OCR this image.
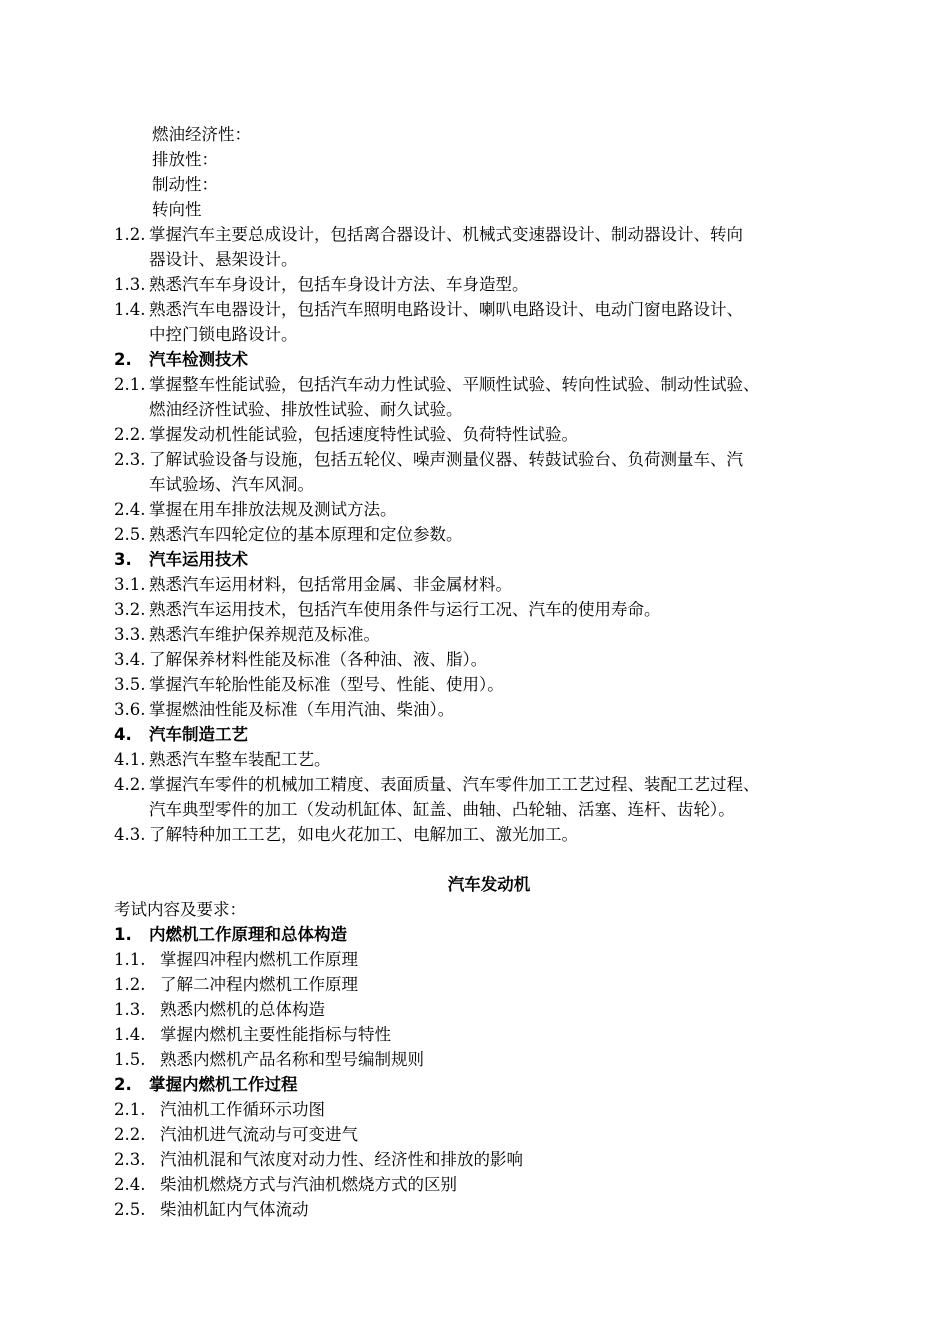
燃油经济性：
排放性：
制动性：
转向性
1.2. 掌握汽车主要总成设计，包括离合器设计、机械式变速器设计、制动器设计、转向
器设计、悬架设计。
1.3. 熟悉汽车车身设计，包括车身设计方法、车身造型。
1.4. 熟悉汽车电器设计，包括汽车照明电路设计、喇叭电路设计、电动门窗电路设计、
中控门锁电路设计。
2.	汽车检测技术
2.1. 掌握整车性能试验，包括汽车动力性试验、平顺性试验、转向性试验、制动性试验、
燃油经济性试验、排放性试验、耐久试验。
2.2. 掌握发动机性能试验，包括速度特性试验、负荷特性试验。
2.3. 了解试验设备与设施，包括五轮仪、噪声测量仪器、转鼓试验台、负荷测量车、汽
车试验场、汽车风洞。
2.4. 掌握在用车排放法规及测试方法。
2.5. 熟悉汽车四轮定位的基本原理和定位参数。
3.	汽车运用技术
3.1. 熟悉汽车运用材料，包括常用金属、非金属材料。
3.2. 熟悉汽车运用技术，包括汽车使用条件与运行工况、汽车的使用寿命。
3.3. 熟悉汽车维护保养规范及标准。
3.4. 了解保养材料性能及标准（各种油、液、脂）。
3.5. 掌握汽车轮胎性能及标准（型号、性能、使用）。
3.6. 掌握燃油性能及标准（车用汽油、柴油）。
4.	汽车制造工艺
4.1. 熟悉汽车整车装配工艺。
4.2. 掌握汽车零件的机械加工精度、表面质量、汽车零件加工工艺过程、装配工艺过程、
汽车典型零件的加工（发动机缸体、缸盖、曲轴、凸轮轴、活塞、连杆、齿轮）。
4.3. 了解特种加工工艺，如电火花加工、电解加工、激光加工。
汽车发动机
考试内容及要求：
1.	内燃机工作原理和总体构造
1.1. 掌握四冲程内燃机工作原理
1.2. 了解二冲程内燃机工作原理
1.3. 熟悉内燃机的总体构造
1.4. 掌握内燃机主要性能指标与特性
1.5. 熟悉内燃机产品名称和型号编制规则
2.	掌握内燃机工作过程
2.1. 汽油机工作循环示功图
2.2. 汽油机进气流动与可变进气
2.3. 汽油机混和气浓度对动力性、经济性和排放的影响
2.4. 柴油机燃烧方式与汽油机燃烧方式的区别
2.5. 柴油机缸内气体流动
